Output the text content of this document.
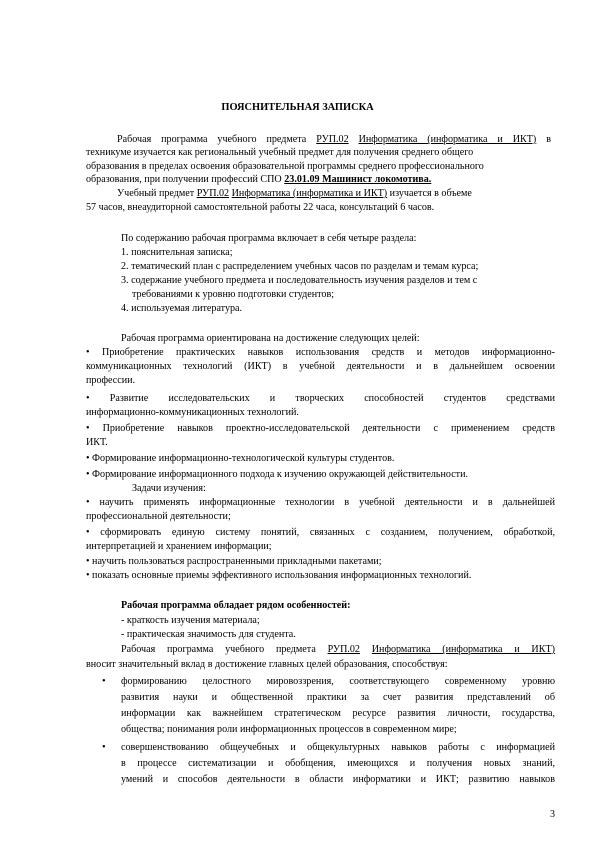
ПОЯСНИТЕЛЬНАЯ ЗАПИСКА
Рабочая программа учебного предмета РУП.02 Информатика (информатика и ИКТ) в
техникуме изучается как региональный учебный предмет для получения среднего общего
образования в пределах освоения образовательной программы среднего профессионального
образования, при получении профессий СПО 23.01.09 Машинист локомотива.
Учебный предмет РУП.02 Информатика (информатика и ИКТ) изучается в объеме
57 часов, внеаудиторной самостоятельной работы 22 часа, консультаций 6 часов.
По содержанию рабочая программа включает в себя четыре раздела:
1. пояснительная записка;
2. тематический план с распределением учебных часов по разделам и темам курса;
3. содержание учебного предмета и последовательность изучения разделов и тем с
требованиями к уровню подготовки студентов;
4. используемая литература.
Рабочая программа ориентирована на достижение следующих целей:
• Приобретение практических навыков использования средств и методов информационно-
коммуникационных технологий (ИКТ) в учебной деятельности и в дальнейшем освоении
профессии.
• Развитие исследовательских и творческих способностей студентов средствами
информационно-коммуникационных технологий.
• Приобретение навыков проектно-исследовательской деятельности с применением средств
ИКТ.
• Формирование информационно-технологической культуры студентов.
• Формирование информационного подхода к изучению окружающей действительности.
Задачи изучения:
• научить применять информационные технологии в учебной деятельности и в дальнейшей
профессиональной деятельности;
• сформировать единую систему понятий, связанных с созданием, получением, обработкой,
интерпретацией и хранением информации;
• научить пользоваться распространенными прикладными пакетами;
• показать основные приемы эффективного использования информационных технологий.
Рабочая программа обладает рядом особенностей:
- краткость изучения материала;
- практическая значимость для студента.
Рабочая программа учебного предмета РУП.02 Информатика (информатика и ИКТ)
вносит значительный вклад в достижение главных целей образования, способствуя:
• формированию целостного мировоззрения, соответствующего современному уровню
развития науки и общественной практики за счет развития представлений об
информации как важнейшем стратегическом ресурсе развития личности, государства,
общества; понимания роли информационных процессов в современном мире;
• совершенствованию общеучебных и общекультурных навыков работы с информацией
в процессе систематизации и обобщения, имеющихся и получения новых знаний,
умений и способов деятельности в области информатики и ИКТ; развитию навыков
3
